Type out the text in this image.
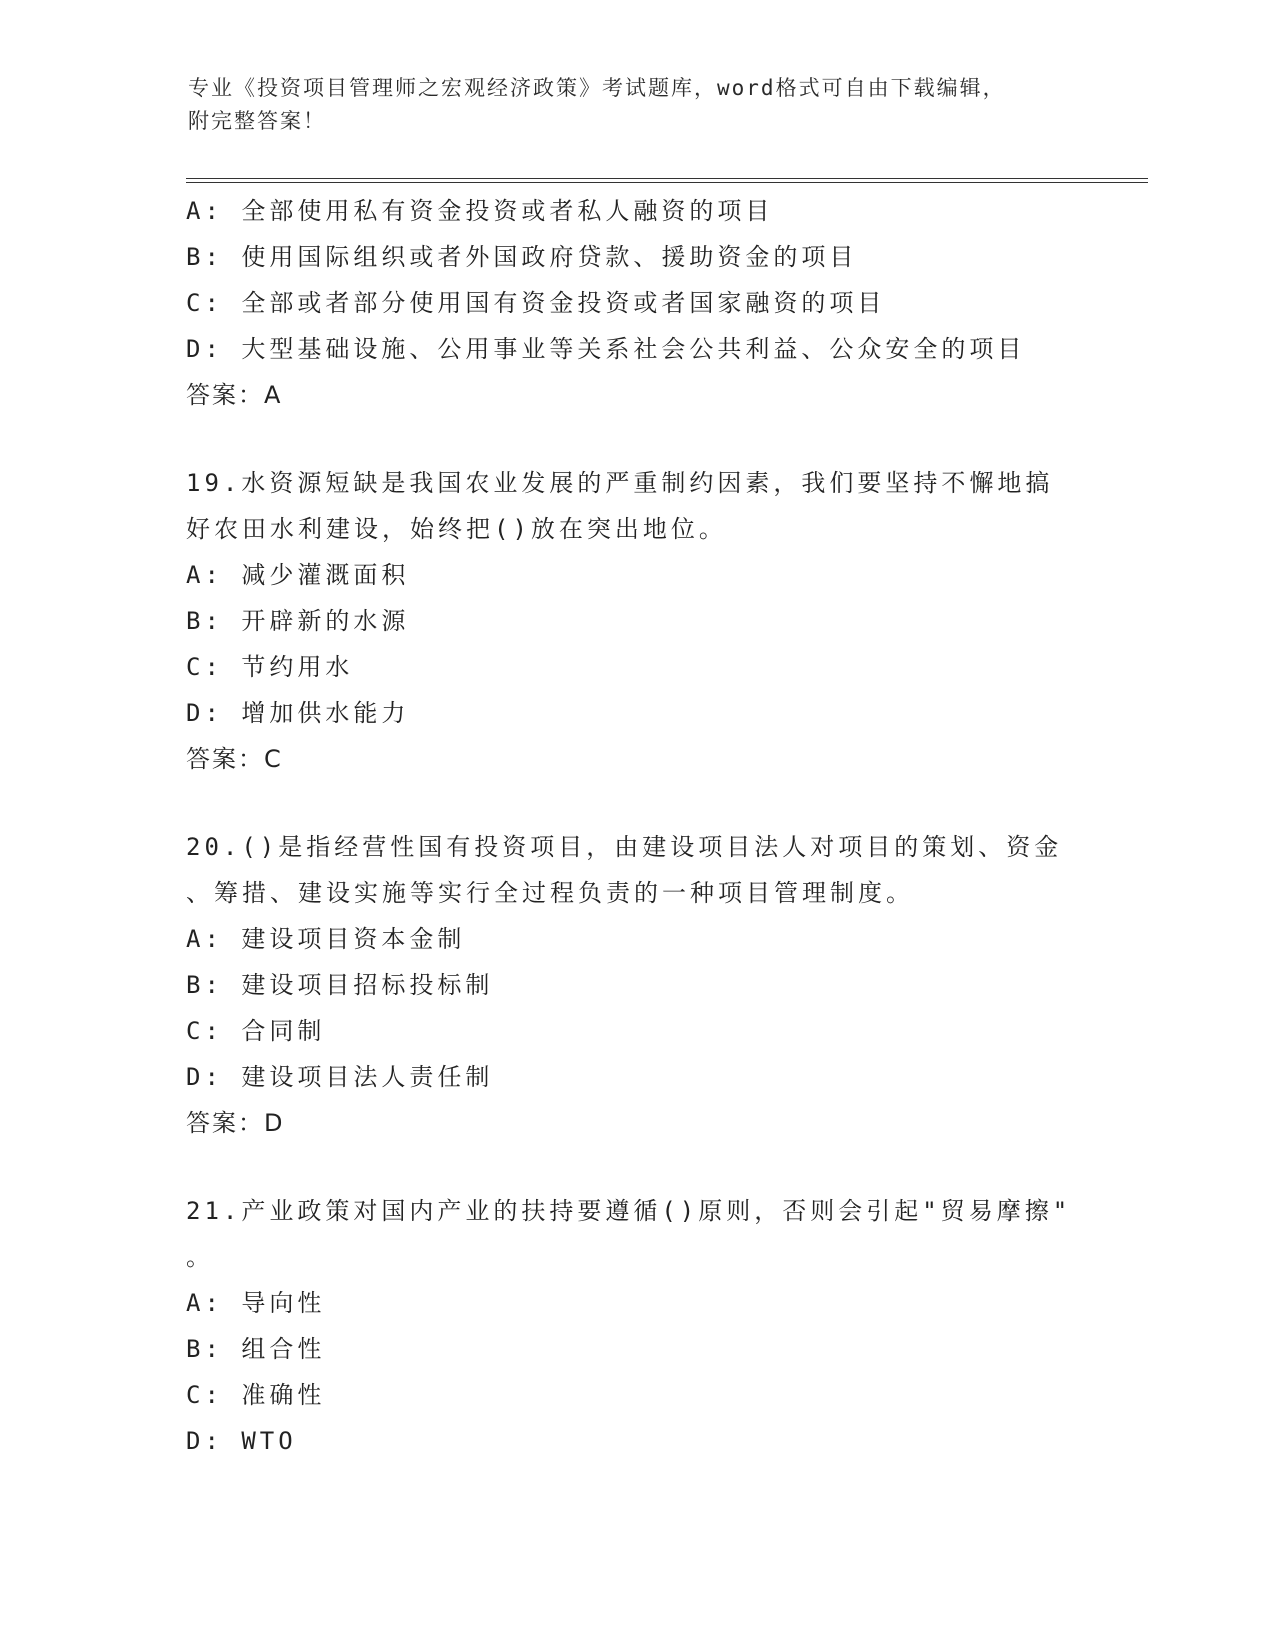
专业《投资项目管理师之宏观经济政策》考试题库，word格式可自由下载编辑，
附完整答案！
A: 全部使用私有资金投资或者私人融资的项目
B: 使用国际组织或者外国政府贷款、援助资金的项目
C: 全部或者部分使用国有资金投资或者国家融资的项目
D: 大型基础设施、公用事业等关系社会公共利益、公众安全的项目
答案：A
19.水资源短缺是我国农业发展的严重制约因素，我们要坚持不懈地搞
好农田水利建设，始终把()放在突出地位。
A: 减少灌溉面积
B: 开辟新的水源
C: 节约用水
D: 增加供水能力
答案：C
20.()是指经营性国有投资项目，由建设项目法人对项目的策划、资金
、筹措、建设实施等实行全过程负责的一种项目管理制度。
A: 建设项目资本金制
B: 建设项目招标投标制
C: 合同制
D: 建设项目法人责任制
答案：D
21.产业政策对国内产业的扶持要遵循()原则，否则会引起"贸易摩擦"
。
A: 导向性
B: 组合性
C: 准确性
D: WTO
